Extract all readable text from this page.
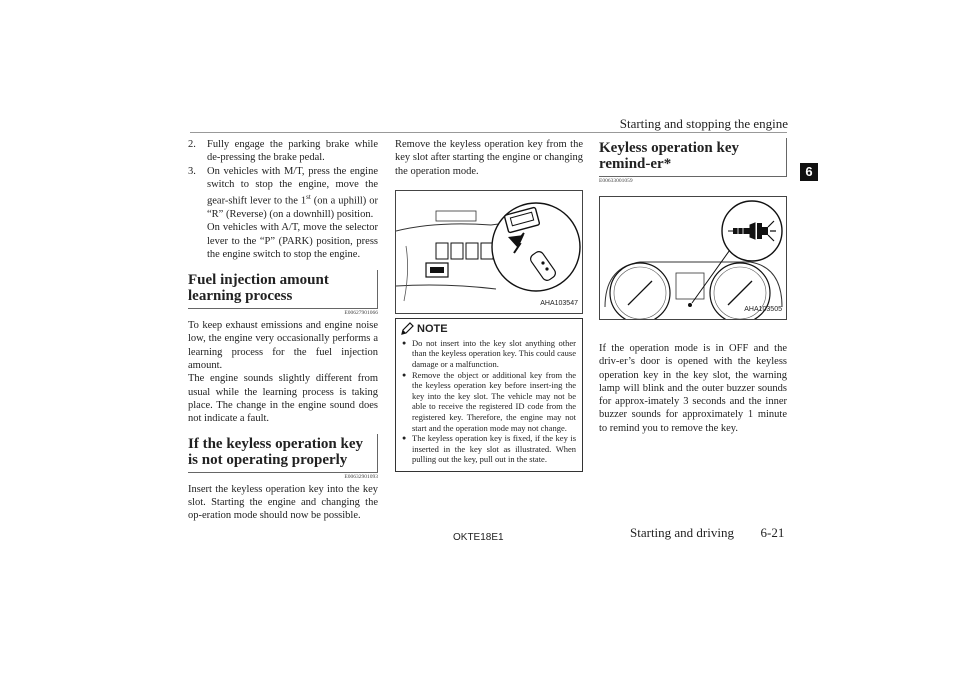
Starting and stopping the engine
6
2. Fully engage the parking brake while de-pressing the brake pedal.

3. On vehicles with M/T, press the engine switch to stop the engine, move the gear-shift lever to the 1st (on a uphill) or “R” (Reverse) (on a downhill) position.

On vehicles with A/T, move the selector lever to the “P” (PARK) position, press the engine switch to stop the engine.

Fuel injection amount learning process
E00627901066

To keep exhaust emissions and engine noise low, the engine very occasionally performs a learning process for the fuel injection amount.

The engine sounds slightly different from usual while the learning process is taking place. The change in the engine sound does not indicate a fault.

If the keyless operation key is not operating properly
E00632901093

Insert the keyless operation key into the key slot. Starting the engine and changing the op-eration mode should now be possible.

Remove the keyless operation key from the key slot after starting the engine or changing the operation mode.

AHA103547
NOTE
● Do not insert into the key slot anything other than the keyless operation key. This could cause damage or a malfunction.
● Remove the object or additional key from the the keyless operation key before insert-ing the key into the key slot. The vehicle may not be able to receive the registered ID code from the registered key. Therefore, the engine may not start and the operation mode may not change.
● The keyless operation key is fixed, if the key is inserted in the key slot as illustrated. When pulling out the key, pull out in the state.
Keyless operation key remind-er*
E00633001059
AHA103505

If the operation mode is in OFF and the driv-er’s door is opened with the keyless operation key in the key slot, the warning lamp will blink and the outer buzzer sounds for approx-imately 3 seconds and the inner buzzer sounds for approximately 1 minute to remind you to remove the key.

OKTE18E1	Starting and driving 6-21
